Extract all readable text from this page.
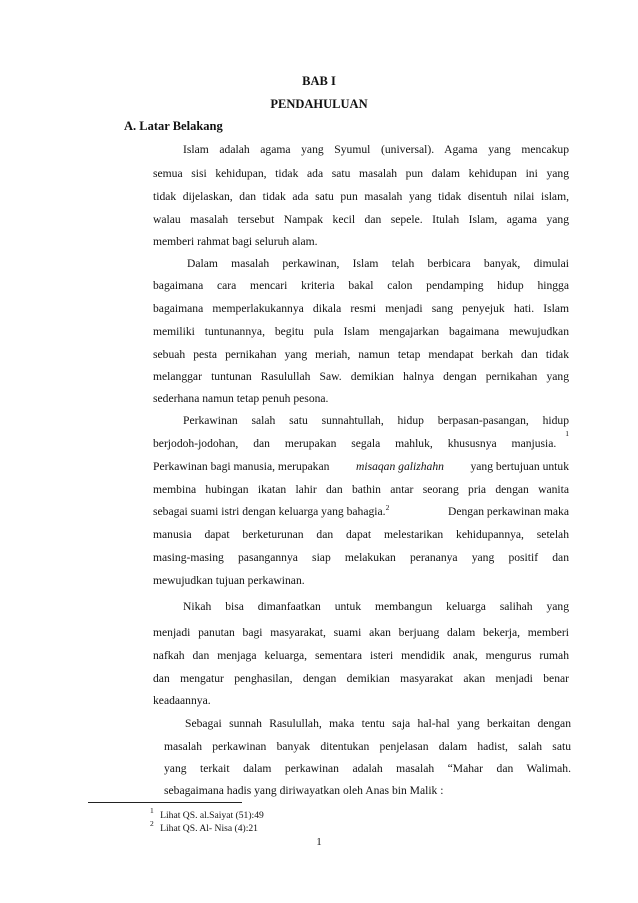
BAB I
PENDAHULUAN
A. Latar Belakang
Islam adalah agama yang Syumul (universal). Agama yang mencakup
semua sisi kehidupan, tidak ada satu masalah pun dalam kehidupan ini yang
tidak dijelaskan, dan tidak ada satu pun masalah yang tidak disentuh nilai islam,
walau masalah tersebut Nampak kecil dan sepele. Itulah Islam, agama yang
memberi rahmat bagi seluruh alam.
Dalam masalah perkawinan, Islam telah berbicara banyak, dimulai
bagaimana cara mencari kriteria bakal calon pendamping hidup hingga
bagaimana memperlakukannya dikala resmi menjadi sang penyejuk hati. Islam
memiliki tuntunannya, begitu pula Islam mengajarkan bagaimana mewujudkan
sebuah pesta pernikahan yang meriah, namun tetap mendapat berkah dan tidak
melanggar tuntunan Rasulullah Saw. demikian halnya dengan pernikahan yang
sederhana namun tetap penuh pesona.
Perkawinan salah satu sunnahtullah, hidup berpasan-pasangan, hidup
berjodoh-jodohan, dan merupakan segala mahluk, khususnya manjusia.
1
Perkawinan bagi manusia, merupakan misaqan galizhahn yang bertujuan untuk
membina hubingan ikatan lahir dan bathin antar seorang pria dengan wanita
sebagai suami istri dengan keluarga yang bahagia.$^2$	Dengan perkawinan maka
manusia dapat berketurunan dan dapat melestarikan kehidupannya, setelah
masing-masing pasangannya siap melakukan perananya yang positif dan
mewujudkan tujuan perkawinan.
Nikah bisa dimanfaatkan untuk membangun keluarga salihah yang
menjadi panutan bagi masyarakat, suami akan berjuang dalam bekerja, memberi
nafkah dan menjaga keluarga, sementara isteri mendidik anak, mengurus rumah
dan mengatur penghasilan, dengan demikian masyarakat akan menjadi benar
keadaannya.
Sebagai sunnah Rasulullah, maka tentu saja hal-hal yang berkaitan dengan
masalah perkawinan banyak ditentukan penjelasan dalam hadist, salah satu
yang terkait dalam perkawinan adalah masalah “Mahar dan Walimah.
sebagaimana hadis yang diriwayatkan oleh Anas bin Malik :
$^1$ Lihat QS. al.Saiyat (51):49
$^2$ Lihat QS. Al- Nisa (4):21
1
